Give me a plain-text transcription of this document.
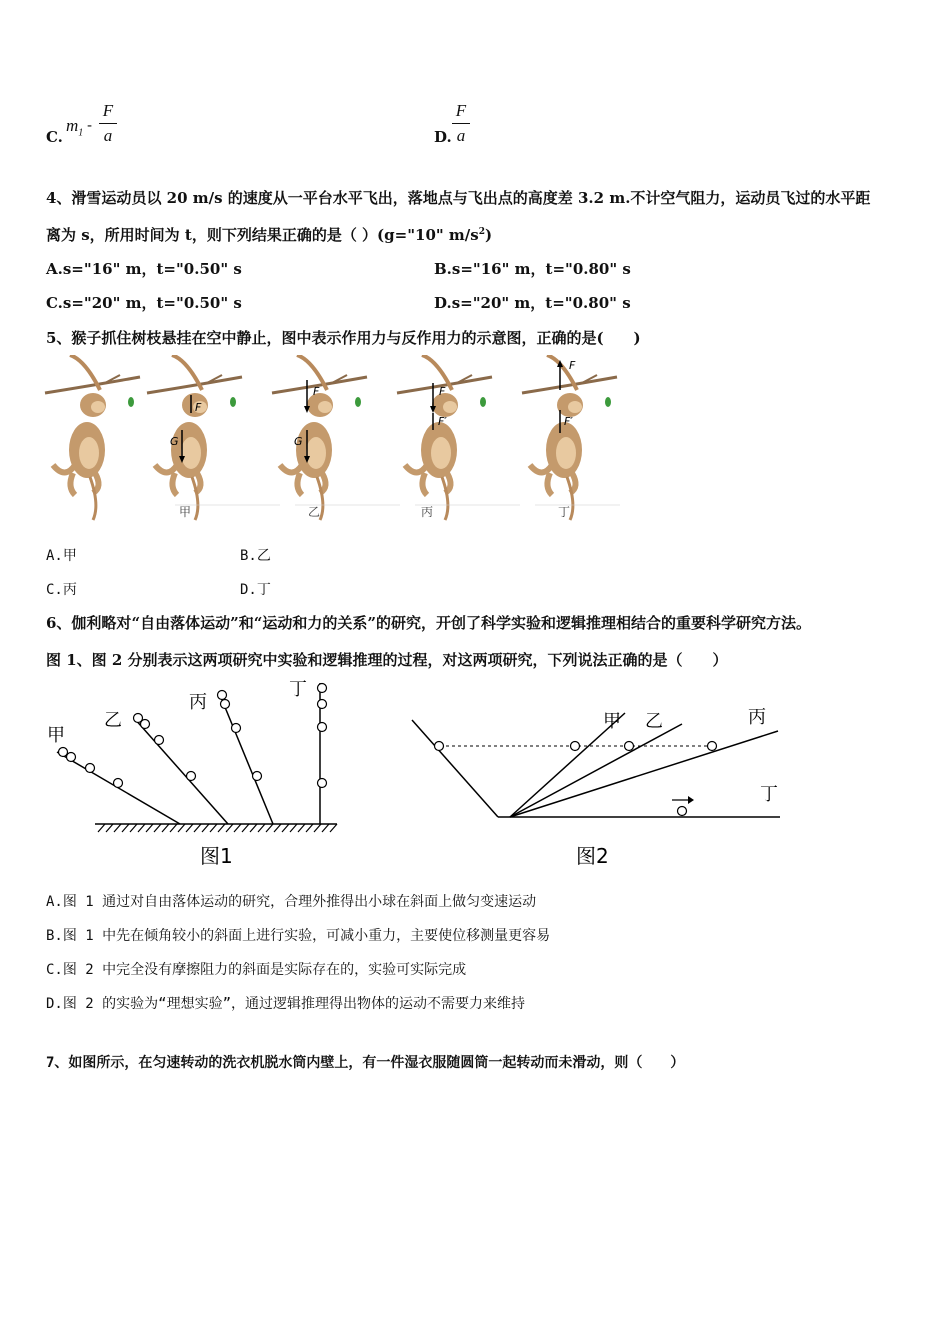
C.
$m_1$ -
F
a	D.
F
a
4、滑雪运动员以 20 m/s 的速度从一平台水平飞出，落地点与飞出点的高度差 3.2 m.不计空气阻力，运动员飞过的水平距
离为 s，所用时间为 t，则下列结果正确的是（ ）(g="10" $m/s^2$)
A.s="16" m，t="0.50" s	B.s="16" m，t="0.80" s
C.s="20" m，t="0.50" s	D.s="20" m，t="0.80" s
5、猴子抓住树枝悬挂在空中静止，图中表示作用力与反作用力的示意图，正确的是(　　)
F
G
F
G
F
F′
F
F′
甲	乙	丙	丁
A.甲	B.乙
C.丙	D.丁
6、伽利略对“自由落体运动”和“运动和力的关系”的研究，开创了科学实验和逻辑推理相结合的重要科学研究方法。
图 1、图 2 分别表示这两项研究中实验和逻辑推理的过程，对这两项研究，下列说法正确的是（　　）
甲
乙
丙
丁
图1
甲 乙	丙
丁
图2
A.图 1 通过对自由落体运动的研究，合理外推得出小球在斜面上做匀变速运动
B.图 1 中先在倾角较小的斜面上进行实验，可减小重力，主要使位移测量更容易
C.图 2 中完全没有摩擦阻力的斜面是实际存在的，实验可实际完成
D.图 2 的实验为“理想实验”，通过逻辑推理得出物体的运动不需要力来维持
7、如图所示，在匀速转动的洗衣机脱水筒内壁上，有一件湿衣服随圆筒一起转动而未滑动，则（　　）
